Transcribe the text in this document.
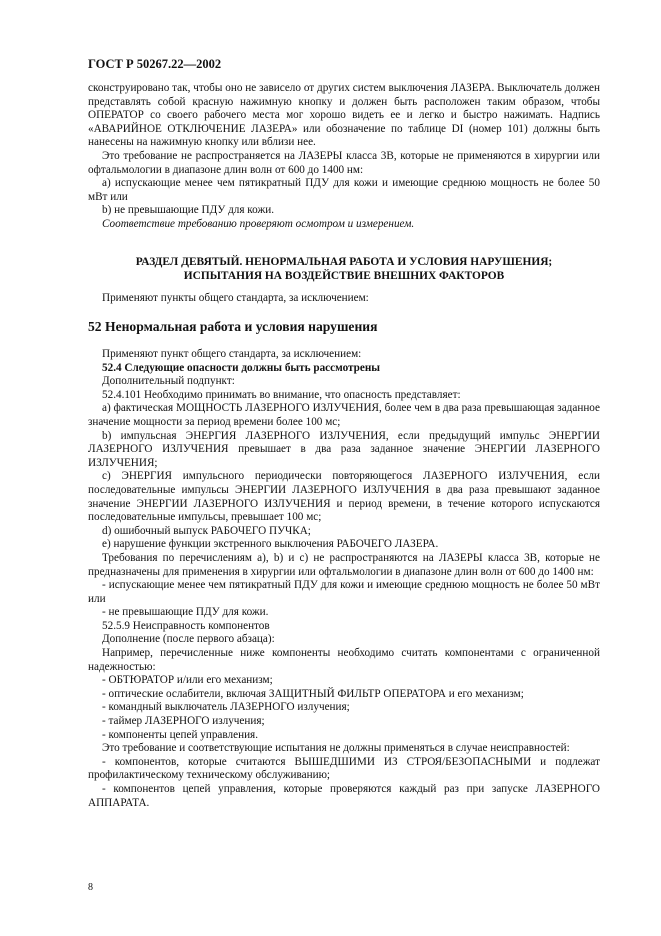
ГОСТ Р 50267.22—2002

сконструировано так, чтобы оно не зависело от других систем выключения ЛАЗЕРА. Выключатель должен представлять собой красную нажимную кнопку и должен быть расположен таким образом, чтобы ОПЕРАТОР со своего рабочего места мог хорошо видеть ее и легко и быстро нажимать. Надпись «АВАРИЙНОЕ ОТКЛЮЧЕНИЕ ЛАЗЕРА» или обозначение по таблице DI (номер 101) должны быть нанесены на нажимную кнопку или вблизи нее.

Это требование не распространяется на ЛАЗЕРЫ класса 3В, которые не применяются в хирургии или офтальмологии в диапазоне длин волн от 600 до 1400 нм:

а) испускающие менее чем пятикратный ПДУ для кожи и имеющие среднюю мощность не более 50 мВт или

b) не превышающие ПДУ для кожи.

Соответствие требованию проверяют осмотром и измерением.

РАЗДЕЛ ДЕВЯТЫЙ. НЕНОРМАЛЬНАЯ РАБОТА И УСЛОВИЯ НАРУШЕНИЯ;
ИСПЫТАНИЯ НА ВОЗДЕЙСТВИЕ ВНЕШНИХ ФАКТОРОВ

Применяют пункты общего стандарта, за исключением:

52 Ненормальная работа и условия нарушения

Применяют пункт общего стандарта, за исключением:

52.4 Следующие опасности должны быть рассмотрены

Дополнительный подпункт:

52.4.101 Необходимо принимать во внимание, что опасность представляет:

а) фактическая МОЩНОСТЬ ЛАЗЕРНОГО ИЗЛУЧЕНИЯ, более чем в два раза превышающая заданное значение мощности за период времени более 100 мс;

b) импульсная ЭНЕРГИЯ ЛАЗЕРНОГО ИЗЛУЧЕНИЯ, если предыдущий импульс ЭНЕРГИИ ЛАЗЕРНОГО ИЗЛУЧЕНИЯ превышает в два раза заданное значение ЭНЕРГИИ ЛАЗЕРНОГО ИЗЛУЧЕНИЯ;

с) ЭНЕРГИЯ импульсного периодически повторяющегося ЛАЗЕРНОГО ИЗЛУЧЕНИЯ, если последовательные импульсы ЭНЕРГИИ ЛАЗЕРНОГО ИЗЛУЧЕНИЯ в два раза превышают заданное значение ЭНЕРГИИ ЛАЗЕРНОГО ИЗЛУЧЕНИЯ и период времени, в течение которого испускаются последовательные импульсы, превышает 100 мс;

d) ошибочный выпуск РАБОЧЕГО ПУЧКА;

е) нарушение функции экстренного выключения РАБОЧЕГО ЛАЗЕРА.

Требования по перечислениям а), b) и с) не распространяются на ЛАЗЕРЫ класса 3В, которые не предназначены для применения в хирургии или офтальмологии в диапазоне длин волн от 600 до 1400 нм:

- испускающие менее чем пятикратный ПДУ для кожи и имеющие среднюю мощность не более 50 мВт или

- не превышающие ПДУ для кожи.

52.5.9 Неисправность компонентов

Дополнение (после первого абзаца):

Например, перечисленные ниже компоненты необходимо считать компонентами с ограниченной надежностью:

- ОБТЮРАТОР и/или его механизм;

- оптические ослабители, включая ЗАЩИТНЫЙ ФИЛЬТР ОПЕРАТОРА и его механизм;

- командный выключатель ЛАЗЕРНОГО излучения;

- таймер ЛАЗЕРНОГО излучения;

- компоненты цепей управления.

Это требование и соответствующие испытания не должны применяться в случае неисправностей:

- компонентов, которые считаются ВЫШЕДШИМИ ИЗ СТРОЯ/БЕЗОПАСНЫМИ и подлежат профилактическому техническому обслуживанию;

- компонентов цепей управления, которые проверяются каждый раз при запуске ЛАЗЕРНОГО АППАРАТА.

8
